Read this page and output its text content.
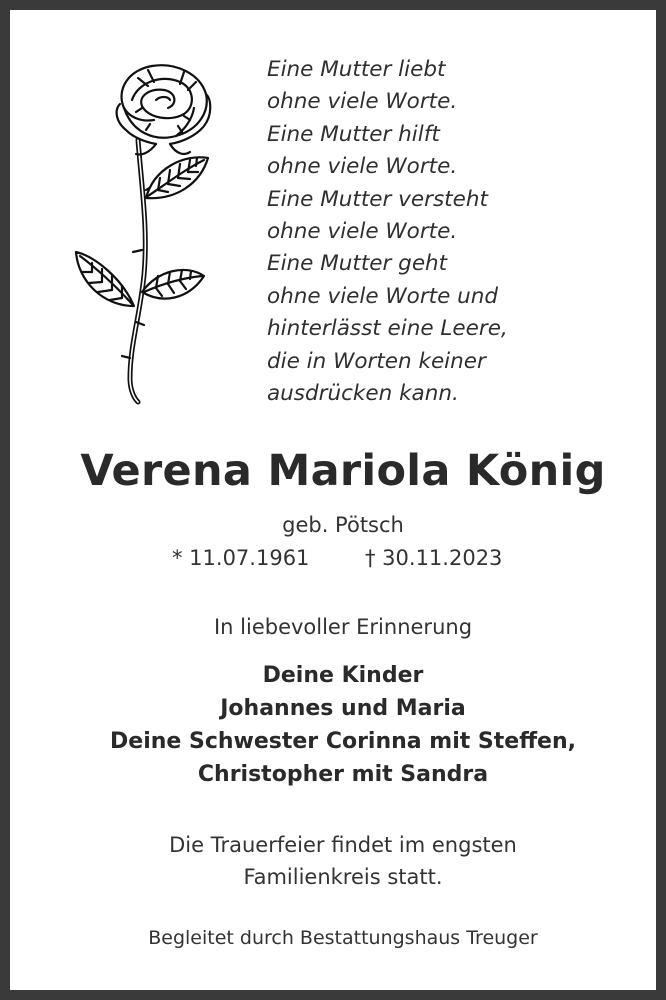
Eine Mutter liebt
ohne viele Worte.
Eine Mutter hilft
ohne viele Worte.
Eine Mutter versteht
ohne viele Worte.
Eine Mutter geht
ohne viele Worte und
hinterlässt eine Leere,
die in Worten keiner
ausdrücken kann.
Verena Mariola König
geb. Pötsch
* 11.07.1961	† 30.11.2023
In liebevoller Erinnerung
Deine Kinder
Johannes und Maria
Deine Schwester Corinna mit Steffen,
Christopher mit Sandra
Die Trauerfeier findet im engsten
Familienkreis statt.
Begleitet durch Bestattungshaus Treuger
